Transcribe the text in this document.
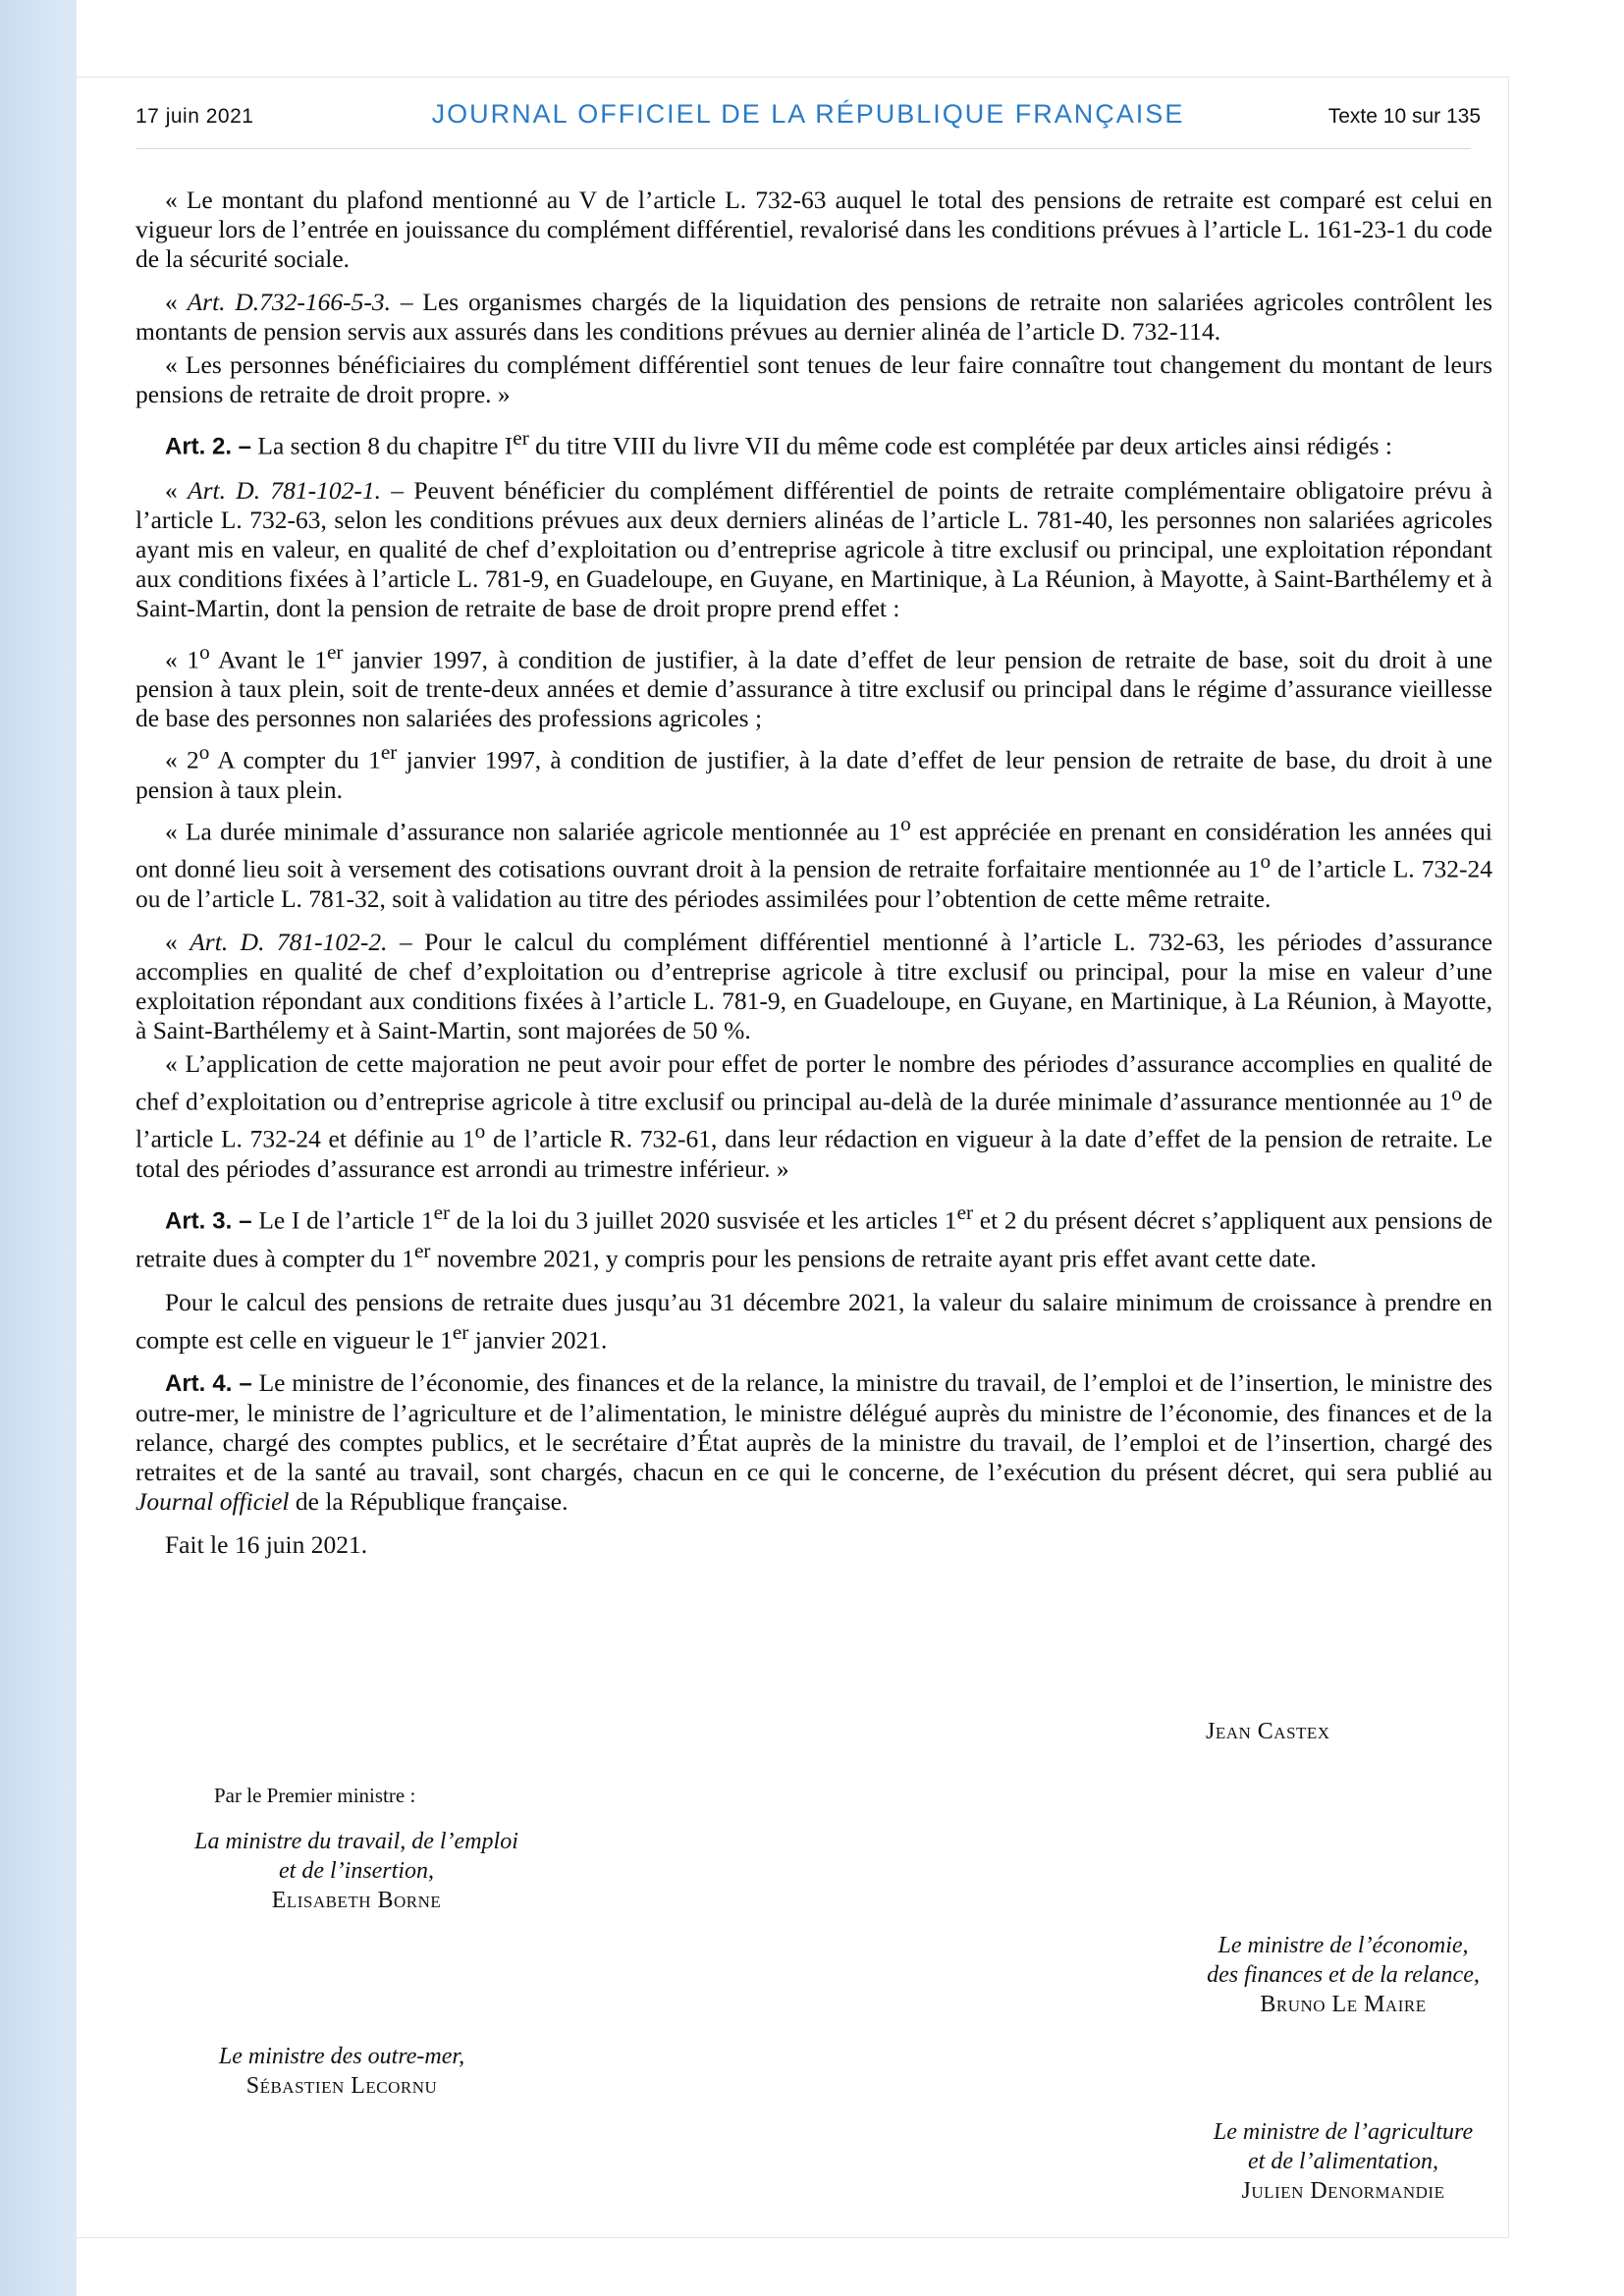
17 juin 2021	JOURNAL OFFICIEL DE LA RÉPUBLIQUE FRANÇAISE	Texte 10 sur 135

« Le montant du plafond mentionné au V de l’article L. 732-63 auquel le total des pensions de retraite est comparé est celui en vigueur lors de l’entrée en jouissance du complément différentiel, revalorisé dans les conditions prévues à l’article L. 161-23-1 du code de la sécurité sociale.

« Art. D.732-166-5-3. – Les organismes chargés de la liquidation des pensions de retraite non salariées agricoles contrôlent les montants de pension servis aux assurés dans les conditions prévues au dernier alinéa de l’article D. 732-114.

« Les personnes bénéficiaires du complément différentiel sont tenues de leur faire connaître tout changement du montant de leurs pensions de retraite de droit propre. »

Art. 2. – La section 8 du chapitre Ier du titre VIII du livre VII du même code est complétée par deux articles ainsi rédigés :

« Art. D. 781-102-1. – Peuvent bénéficier du complément différentiel de points de retraite complémentaire obligatoire prévu à l’article L. 732-63, selon les conditions prévues aux deux derniers alinéas de l’article L. 781-40, les personnes non salariées agricoles ayant mis en valeur, en qualité de chef d’exploitation ou d’entreprise agricole à titre exclusif ou principal, une exploitation répondant aux conditions fixées à l’article L. 781-9, en Guadeloupe, en Guyane, en Martinique, à La Réunion, à Mayotte, à Saint-Barthélemy et à Saint-Martin, dont la pension de retraite de base de droit propre prend effet :

« 1$^o$ Avant le 1er janvier 1997, à condition de justifier, à la date d’effet de leur pension de retraite de base, soit du droit à une pension à taux plein, soit de trente-deux années et demie d’assurance à titre exclusif ou principal dans le régime d’assurance vieillesse de base des personnes non salariées des professions agricoles ;

« 2$^o$ A compter du 1er janvier 1997, à condition de justifier, à la date d’effet de leur pension de retraite de base, du droit à une pension à taux plein.

« La durée minimale d’assurance non salariée agricole mentionnée au 1$^o$ est appréciée en prenant en considération les années qui ont donné lieu soit à versement des cotisations ouvrant droit à la pension de retraite forfaitaire mentionnée au 1$^o$ de l’article L. 732-24 ou de l’article L. 781-32, soit à validation au titre des périodes assimilées pour l’obtention de cette même retraite.

« Art. D. 781-102-2. – Pour le calcul du complément différentiel mentionné à l’article L. 732-63, les périodes d’assurance accomplies en qualité de chef d’exploitation ou d’entreprise agricole à titre exclusif ou principal, pour la mise en valeur d’une exploitation répondant aux conditions fixées à l’article L. 781-9, en Guadeloupe, en Guyane, en Martinique, à La Réunion, à Mayotte, à Saint-Barthélemy et à Saint-Martin, sont majorées de 50 %.

« L’application de cette majoration ne peut avoir pour effet de porter le nombre des périodes d’assurance accomplies en qualité de chef d’exploitation ou d’entreprise agricole à titre exclusif ou principal au-delà de la durée minimale d’assurance mentionnée au 1$^o$ de l’article L. 732-24 et définie au 1$^o$ de l’article R. 732-61, dans leur rédaction en vigueur à la date d’effet de la pension de retraite. Le total des périodes d’assurance est arrondi au trimestre inférieur. »

Art. 3. – Le I de l’article 1er de la loi du 3 juillet 2020 susvisée et les articles 1er et 2 du présent décret s’appliquent aux pensions de retraite dues à compter du 1er novembre 2021, y compris pour les pensions de retraite ayant pris effet avant cette date.

Pour le calcul des pensions de retraite dues jusqu’au 31 décembre 2021, la valeur du salaire minimum de croissance à prendre en compte est celle en vigueur le 1er janvier 2021.

Art. 4. – Le ministre de l’économie, des finances et de la relance, la ministre du travail, de l’emploi et de l’insertion, le ministre des outre-mer, le ministre de l’agriculture et de l’alimentation, le ministre délégué auprès du ministre de l’économie, des finances et de la relance, chargé des comptes publics, et le secrétaire d’État auprès de la ministre du travail, de l’emploi et de l’insertion, chargé des retraites et de la santé au travail, sont chargés, chacun en ce qui le concerne, de l’exécution du présent décret, qui sera publié au Journal officiel de la République française.

Fait le 16 juin 2021.

Jean Castex
Par le Premier ministre :
La ministre du travail, de l’emploi
et de l’insertion,
Elisabeth Borne
Le ministre de l’économie,
des finances et de la relance,
Bruno Le Maire
Le ministre des outre-mer,
Sébastien Lecornu
Le ministre de l’agriculture
et de l’alimentation,
Julien Denormandie
